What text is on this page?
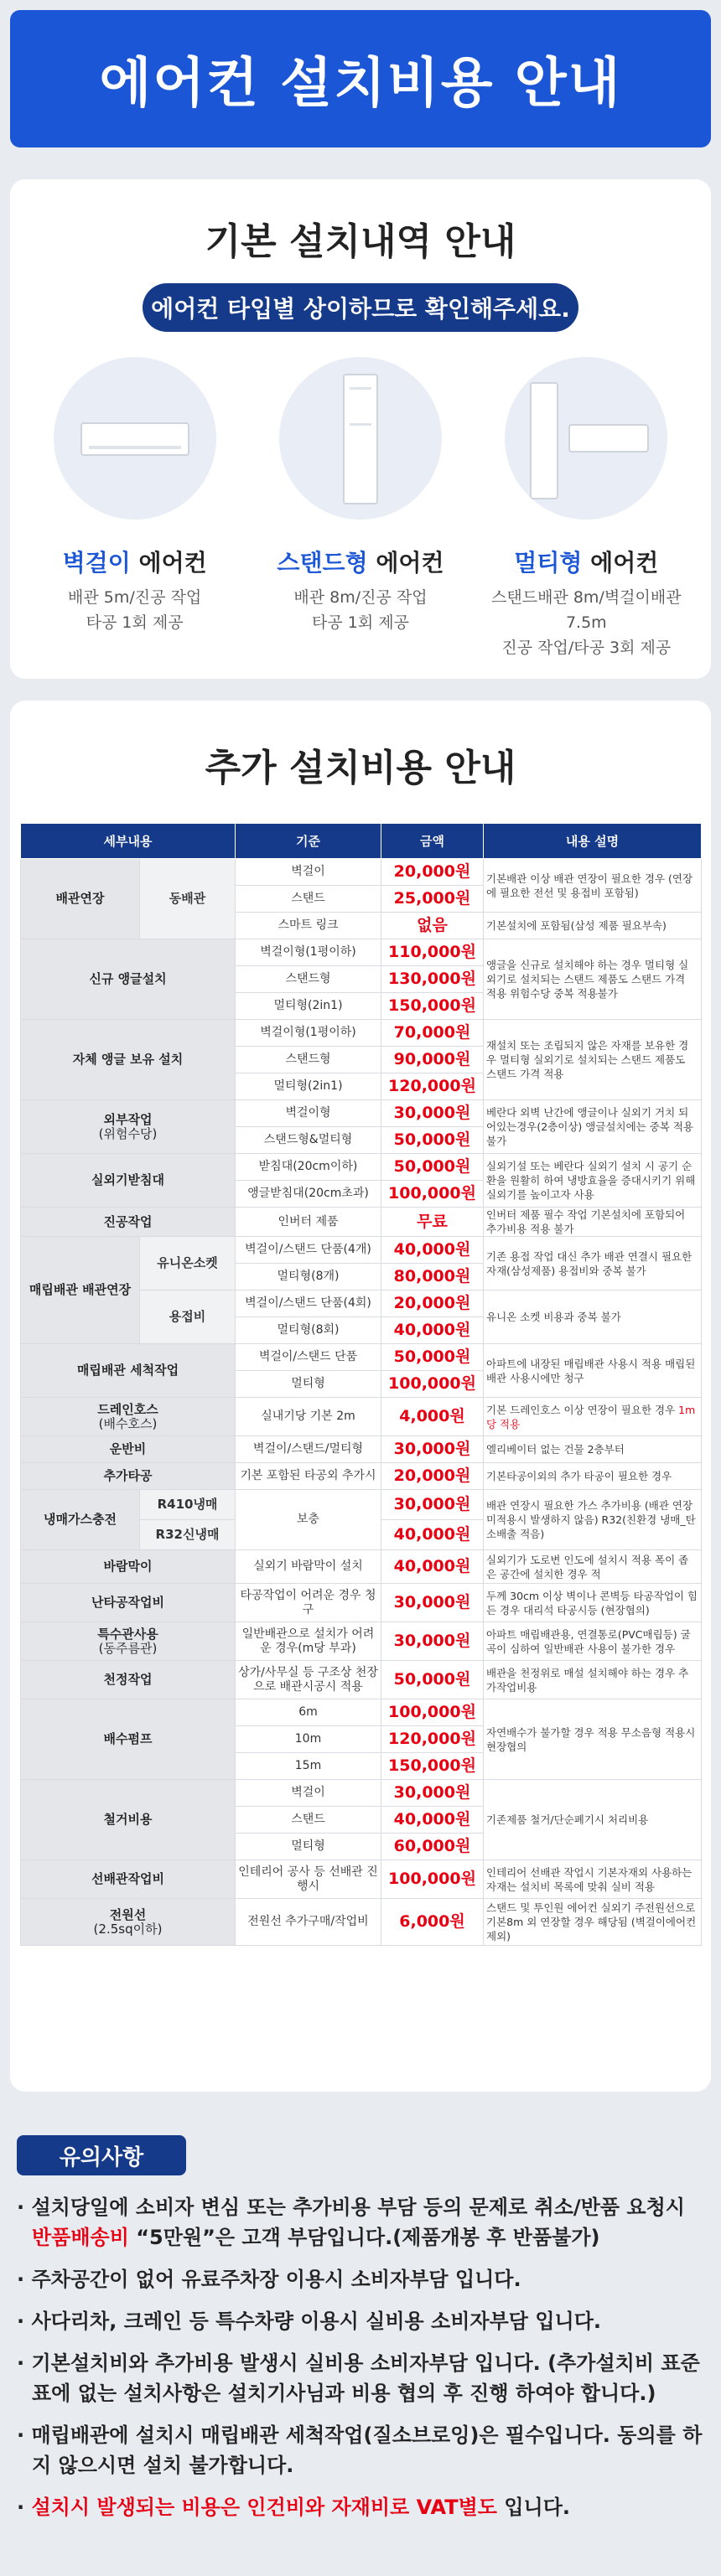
에어컨 설치비용 안내
기본 설치내역 안내
에어컨 타입별 상이하므로 확인해주세요.
벽걸이 에어컨
배관 5m/진공 작업
타공 1회 제공
스탠드형 에어컨
배관 8m/진공 작업
타공 1회 제공
멀티형 에어컨
스탠드배관 8m/벽걸이배관 7.5m
진공 작업/타공 3회 제공
추가 설치비용 안내
세부내용		기준	금액	내용 설명
배관연장	동배관	벽걸이	20,000원	기본배관 이상 배관 연장이 필요한 경우 (연장에 필요한 전선 및 용접비 포함됨)
		스탠드	25,000원	
		스마트 링크	없음	기본설치에 포함됨(삼성 제품 필요부속)
신규 앵글설치		벽걸이형(1평이하)	110,000원	앵글을 신규로 설치해야 하는 경우 멀티형 실외기로 설치되는 스탠드 제품도 스탠드 가격 적용 위험수당 중복 적용불가
		스탠드형	130,000원	
		멀티형(2in1)	150,000원	
자체 앵글 보유 설치		벽걸이형(1평이하)	70,000원	재설치 또는 조립되지 않은 자재를 보유한 경우 멀티형 실외기로 설치되는 스탠드 제품도 스탠드 가격 적용
		스탠드형	90,000원	
		멀티형(2in1)	120,000원	

외부작업
(위험수당)		벽걸이형	30,000원	베란다 외벽 난간에 앵글이나 실외기 거치 되어있는경우(2층이상) 앵글설치에는 중복 적용 불가
		스탠드형&멀티형	50,000원	
실외기받침대		받침대(20cm이하)	50,000원	실외기설 또는 베란다 실외기 설치 시 공기 순환을 원활히 하여 냉방효율을 증대시키기 위해 실외기를 높이고자 사용
		앵글받침대(20cm초과)	100,000원	
진공작업		인버터 제품	무료	인버터 제품 필수 작업 기본설치에 포함되어 추가비용 적용 불가
매립배관 배관연장	유니온소켓	벽걸이/스탠드 단품(4개)	40,000원	기존 용접 작업 대신 추가 배관 연결시 필요한 자재(삼성제품) 용접비와 중복 불가
		멀티형(8개)	80,000원	
	용접비	벽걸이/스탠드 단품(4회)	20,000원	유니온 소켓 비용과 중복 불가
		멀티형(8회)	40,000원	
매립배관 세척작업		벽걸이/스탠드 단품	50,000원	아파트에 내장된 매립배관 사용시 적용 매립된 배관 사용시에만 청구
		멀티형	100,000원	

드레인호스
(배수호스)		실내기당 기본 2m	4,000원	기본 드레인호스 이상 연장이 필요한 경우 1m당 적용
운반비		벽걸이/스탠드/멀티형	30,000원	엘리베이터 없는 건물 2층부터
추가타공		기본 포함된 타공외 추가시	20,000원	기본타공이외의 추가 타공이 필요한 경우
냉매가스충전	R410냉매	보충	30,000원	배관 연장시 필요한 가스 추가비용 (배관 연장 미적용시 발생하지 않음) R32(친환경 냉매_탄소배출 적음)
	R32신냉매		40,000원	
바람막이		실외기 바람막이 설치	40,000원	실외기가 도로변 인도에 설치시 적용 폭이 좁은 공간에 설치한 경우 적
난타공작업비		타공작업이 어려운 경우 청구	30,000원	두께 30cm 이상 벽이나 콘벽등 타공작업이 힘든 경우 대리석 타공시등 (현장협의)

특수관사용
(동주름관)		일반배관으로 설치가 어려운 경우(m당 부과)	30,000원	아파트 매립배관용, 연결통로(PVC매립등) 굴곡이 심하여 일반배관 사용이 불가한 경우
천정작업		상가/사무실 등 구조상 천장으로 배관시공시 적용	50,000원	배관을 천정위로 매설 설치해야 하는 경우 추가작업비용
배수펌프		6m	100,000원	자연배수가 불가할 경우 적용 무소음형 적용시 현장협의
		10m	120,000원	
		15m	150,000원	
철거비용		벽걸이	30,000원	기존제품 철거/단순폐기시 처리비용
		스탠드	40,000원	
		멀티형	60,000원	
선배관작업비		인테리어 공사 등 선배관 진행시	100,000원	인테리어 선배관 작업시 기본자재외 사용하는 자재는 설치비 목록에 맞춰 실비 적용

전원선
(2.5sq이하)		전원선 추가구매/작업비	6,000원	스탠드 및 투인원 에어컨 실외기 주전원선으로 기본8m 외 연장할 경우 해당됨 (벽걸이에어컨제외)
유의사항
· 설치당일에 소비자 변심 또는 추가비용 부담 등의 문제로 취소/반품 요청시 반품배송비 “5만원”은 고객 부담입니다.(제품개봉 후 반품불가)
· 주차공간이 없어 유료주차장 이용시 소비자부담 입니다.
· 사다리차, 크레인 등 특수차량 이용시 실비용 소비자부담 입니다.
· 기본설치비와 추가비용 발생시 실비용 소비자부담 입니다. (추가설치비 표준표에 없는 설치사항은 설치기사님과 비용 협의 후 진행 하여야 합니다.)
· 매립배관에 설치시 매립배관 세척작업(질소브로잉)은 필수입니다. 동의를 하지 않으시면 설치 불가합니다.
· 설치시 발생되는 비용은 인건비와 자재비로 VAT별도 입니다.
